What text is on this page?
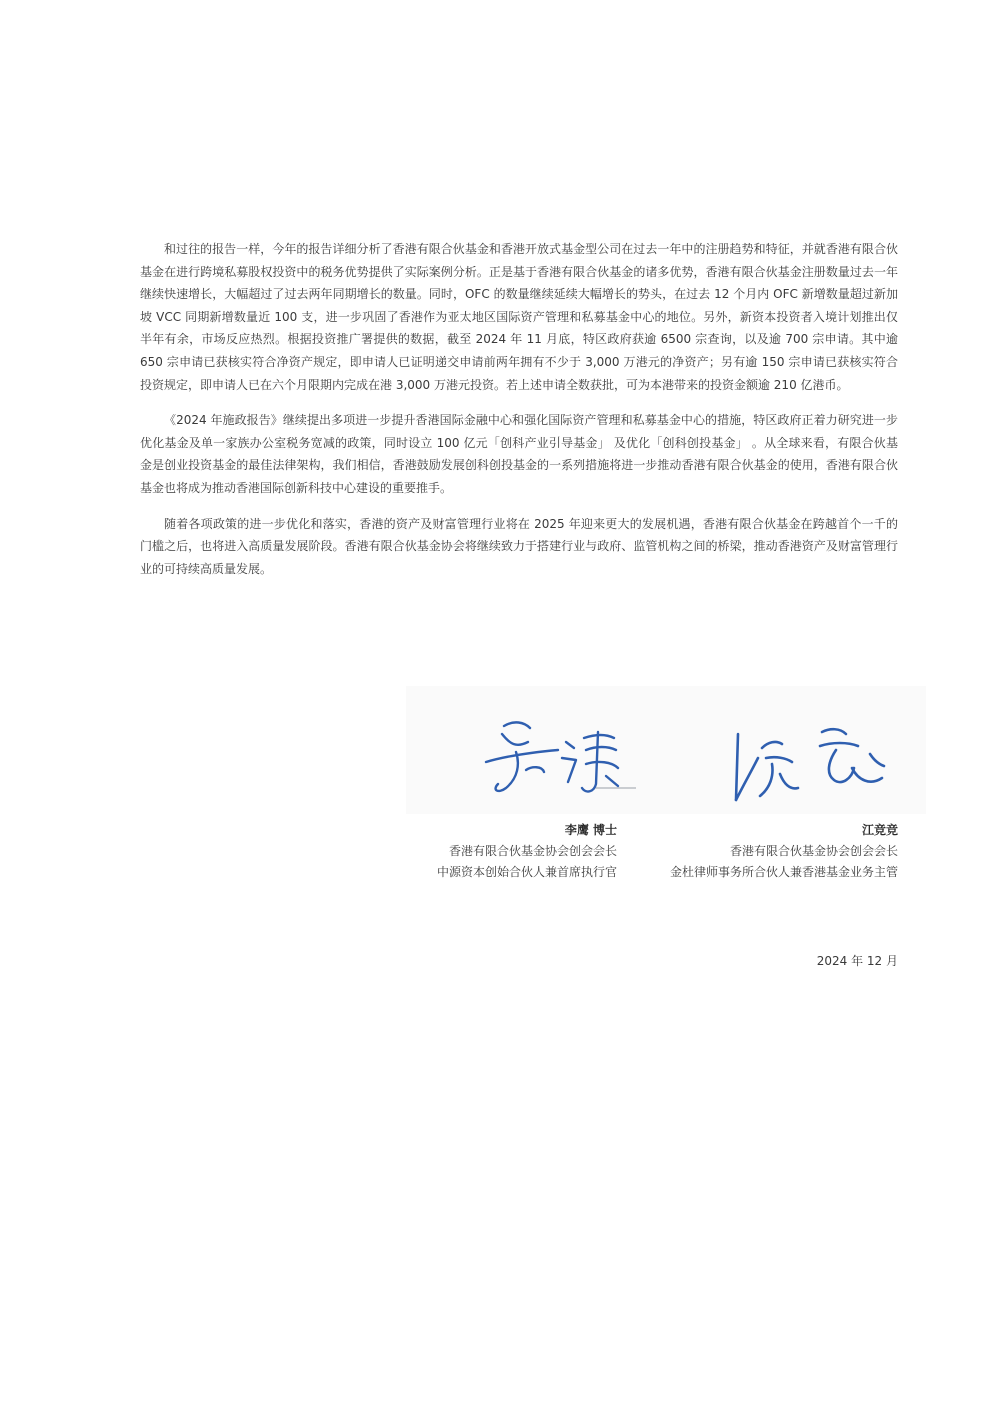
和过往的报告一样，今年的报告详细分析了香港有限合伙基金和香港开放式基金型公司在过去一年中的注册趋势和特征，并就香港有限合伙基金在进行跨境私募股权投资中的税务优势提供了实际案例分析。正是基于香港有限合伙基金的诸多优势，香港有限合伙基金注册数量过去一年继续快速增长，大幅超过了过去两年同期增长的数量。同时，OFC 的数量继续延续大幅增长的势头，在过去 12 个月内 OFC 新增数量超过新加坡 VCC 同期新增数量近 100 支，进一步巩固了香港作为亚太地区国际资产管理和私募基金中心的地位。另外，新资本投资者入境计划推出仅半年有余，市场反应热烈。根据投资推广署提供的数据，截至 2024 年 11 月底，特区政府获逾 6500 宗查询，以及逾 700 宗申请。其中逾 650 宗申请已获核实符合净资产规定，即申请人已证明递交申请前两年拥有不少于 3,000 万港元的净资产；另有逾 150 宗申请已获核实符合投资规定，即申请人已在六个月限期内完成在港 3,000 万港元投资。若上述申请全数获批，可为本港带来的投资金额逾 210 亿港币。

《2024 年施政报告》继续提出多项进一步提升香港国际金融中心和强化国际资产管理和私募基金中心的措施，特区政府正着力研究进一步优化基金及单一家族办公室税务宽减的政策，同时设立 100 亿元「创科产业引导基金」 及优化「创科创投基金」 。从全球来看，有限合伙基金是创业投资基金的最佳法律架构，我们相信，香港鼓励发展创科创投基金的一系列措施将进一步推动香港有限合伙基金的使用，香港有限合伙基金也将成为推动香港国际创新科技中心建设的重要推手。

随着各项政策的进一步优化和落实，香港的资产及财富管理行业将在 2025 年迎来更大的发展机遇，香港有限合伙基金在跨越首个一千的门槛之后，也将进入高质量发展阶段。香港有限合伙基金协会将继续致力于搭建行业与政府、监管机构之间的桥梁，推动香港资产及财富管理行业的可持续高质量发展。

李鹰 博士
香港有限合伙基金协会创会会长
中源资本创始合伙人兼首席执行官
江竞竞
香港有限合伙基金协会创会会长
金杜律师事务所合伙人兼香港基金业务主管
2024 年 12 月
